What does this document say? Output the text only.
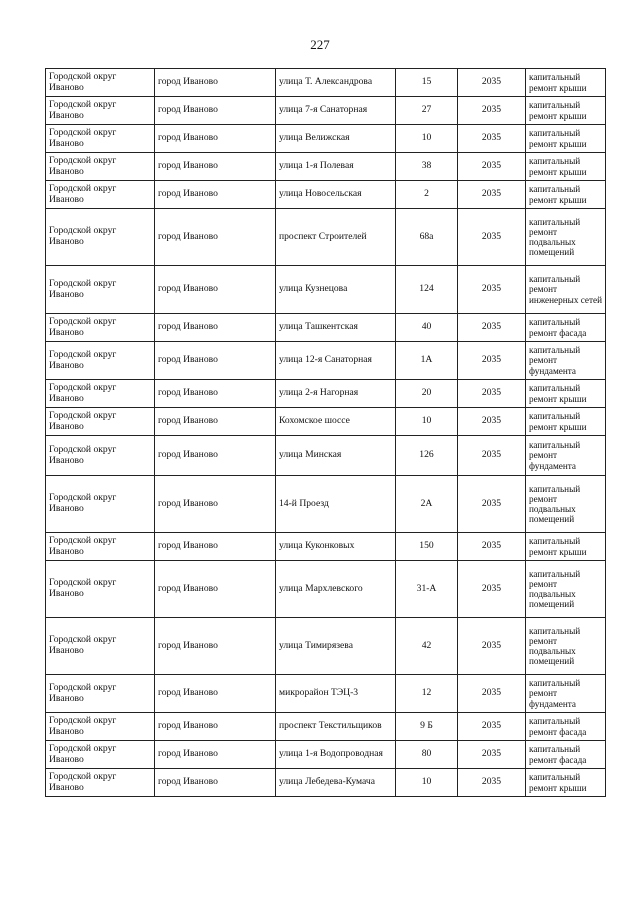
227
Городской округ Иваново	город Иваново	улица Т. Александрова	15	2035	капитальный ремонт крыши
Городской округ Иваново	город Иваново	улица 7-я Санаторная	27	2035	капитальный ремонт крыши
Городской округ Иваново	город Иваново	улица Велижская	10	2035	капитальный ремонт крыши
Городской округ Иваново	город Иваново	улица 1-я Полевая	38	2035	капитальный ремонт крыши
Городской округ Иваново	город Иваново	улица Новосельская	2	2035	капитальный ремонт крыши
Городской округ Иваново	город Иваново	проспект Строителей	68а	2035	капитальный ремонт подвальных помещений
Городской округ Иваново	город Иваново	улица Кузнецова	124	2035	капитальный ремонт инженерных сетей
Городской округ Иваново	город Иваново	улица Ташкентская	40	2035	капитальный ремонт фасада
Городской округ Иваново	город Иваново	улица 12-я Санаторная	1А	2035	капитальный ремонт фундамента
Городской округ Иваново	город Иваново	улица 2-я Нагорная	20	2035	капитальный ремонт крыши
Городской округ Иваново	город Иваново	Кохомское шоссе	10	2035	капитальный ремонт крыши
Городской округ Иваново	город Иваново	улица Минская	126	2035	капитальный ремонт фундамента
Городской округ Иваново	город Иваново	14-й Проезд	2А	2035	капитальный ремонт подвальных помещений
Городской округ Иваново	город Иваново	улица Куконковых	150	2035	капитальный ремонт крыши
Городской округ Иваново	город Иваново	улица Мархлевского	31-А	2035	капитальный ремонт подвальных помещений
Городской округ Иваново	город Иваново	улица Тимирязева	42	2035	капитальный ремонт подвальных помещений
Городской округ Иваново	город Иваново	микрорайон ТЭЦ-3	12	2035	капитальный ремонт фундамента
Городской округ Иваново	город Иваново	проспект Текстильщиков	9 Б	2035	капитальный ремонт фасада
Городской округ Иваново	город Иваново	улица 1-я Водопроводная	80	2035	капитальный ремонт фасада
Городской округ Иваново	город Иваново	улица Лебедева-Кумача	10	2035	капитальный ремонт крыши
